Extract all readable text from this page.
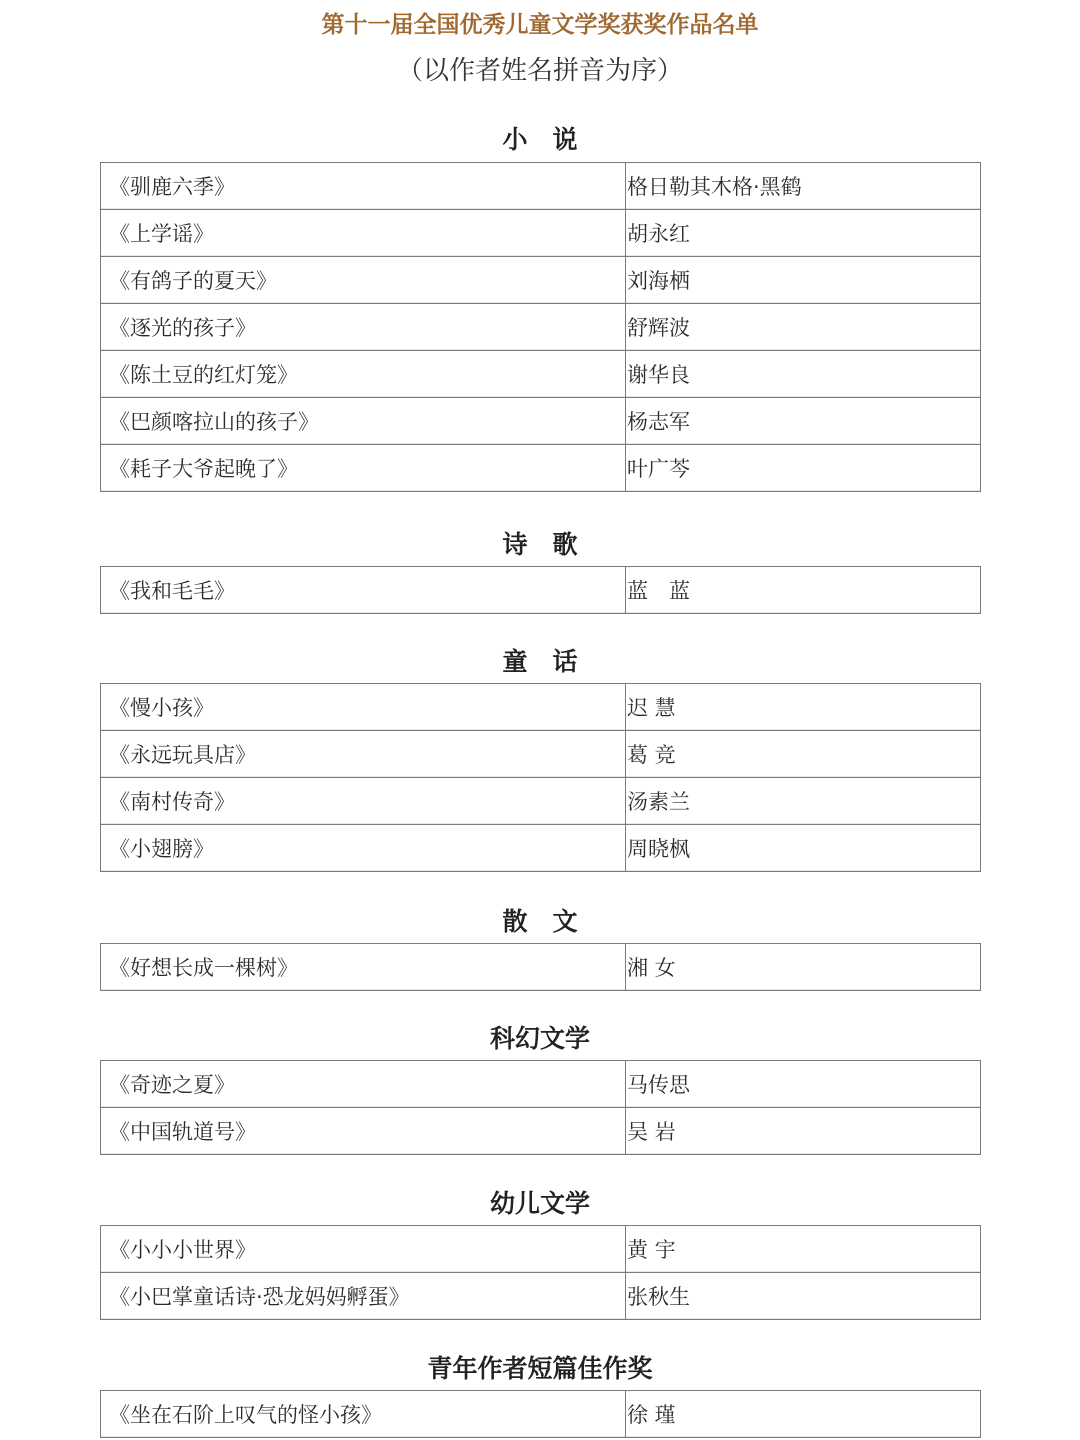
第十一届全国优秀儿童文学奖获奖作品名单
（以作者姓名拼音为序）
小　说
《驯鹿六季》	格日勒其木格·黑鹤
《上学谣》	胡永红
《有鸽子的夏天》	刘海栖
《逐光的孩子》	舒辉波
《陈土豆的红灯笼》	谢华良
《巴颜喀拉山的孩子》	杨志军
《耗子大爷起晚了》	叶广芩
诗　歌
《我和毛毛》	蓝　蓝
童　话
《慢小孩》	迟 慧
《永远玩具店》	葛 竞
《南村传奇》	汤素兰
《小翅膀》	周晓枫
散　文
《好想长成一棵树》	湘 女
科幻文学
《奇迹之夏》	马传思
《中国轨道号》	吴 岩
幼儿文学
《小小小世界》	黄 宇
《小巴掌童话诗·恐龙妈妈孵蛋》	张秋生
青年作者短篇佳作奖
《坐在石阶上叹气的怪小孩》	徐 瑾
